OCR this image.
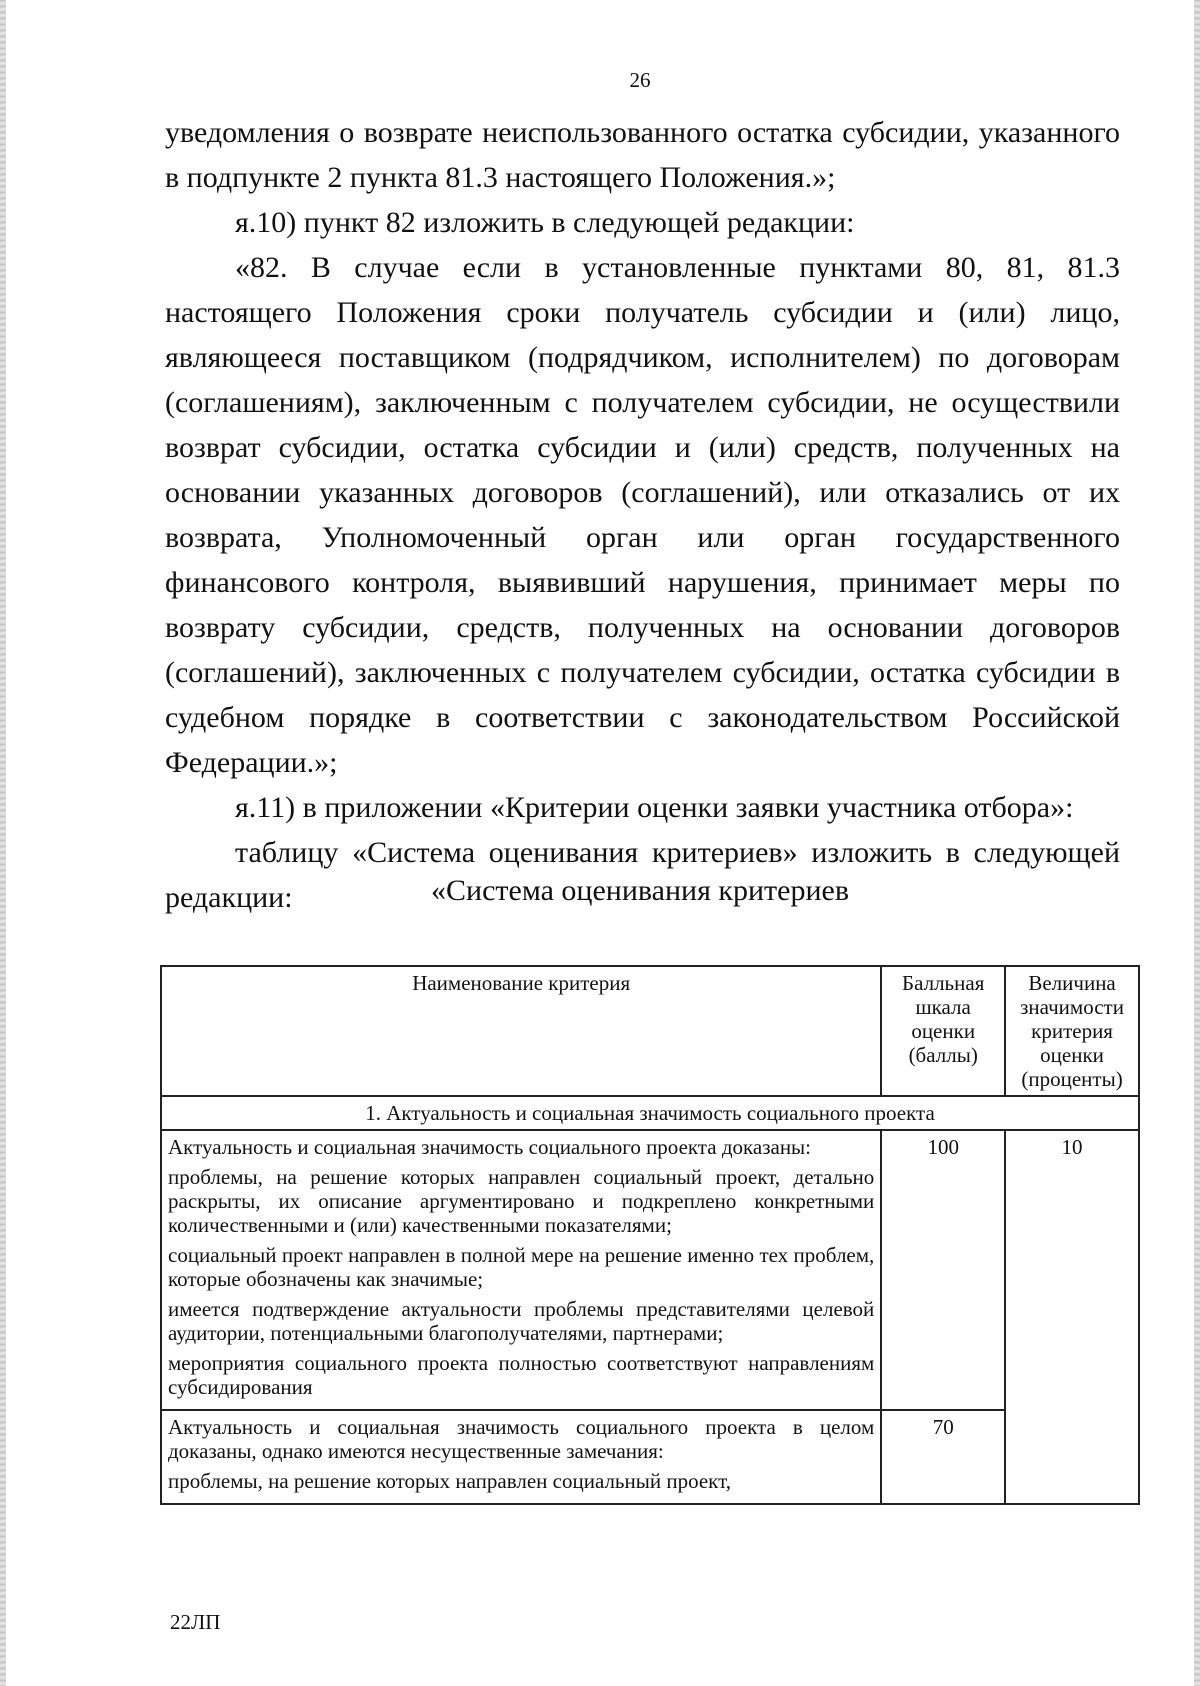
26

уведомления о возврате неиспользованного остатка субсидии, указанного в подпункте 2 пункта 81.3 настоящего Положения.»;

я.10) пункт 82 изложить в следующей редакции:

«82. В случае если в установленные пунктами 80, 81, 81.3 настоящего Положения сроки получатель субсидии и (или) лицо, являющееся поставщиком (подрядчиком, исполнителем) по договорам (соглашениям), заключенным с получателем субсидии, не осуществили возврат субсидии, остатка субсидии и (или) средств, полученных на основании указанных договоров (соглашений), или отказались от их возврата, Уполномоченный орган или орган государственного финансового контроля, выявивший нарушения, принимает меры по возврату субсидии, средств, полученных на основании договоров (соглашений), заключенных с получателем субсидии, остатка субсидии в судебном порядке в соответствии с законодательством Российской Федерации.»;

я.11) в приложении «Критерии оценки заявки участника отбора»:

таблицу «Система оценивания критериев» изложить в следующей редакции:	«Система оценивания критериев
Наименование критерия	Балльная шкала оценки (баллы)	Величина значимости критерия оценки (проценты)
1. Актуальность и социальная значимость социального проекта		

Актуальность и социальная значимость социального проекта доказаны:

проблемы, на решение которых направлен социальный проект, детально раскрыты, их описание аргументировано и подкреплено конкретными количественными и (или) качественными показателями;

социальный проект направлен в полной мере на решение именно тех проблем, которые обозначены как значимые;

имеется подтверждение актуальности проблемы представителями целевой аудитории, потенциальными благополучателями, партнерами;

мероприятия социального проекта полностью соответствуют направлениям субсидирования	100	10

Актуальность и социальная значимость социального проекта в целом доказаны, однако имеются несущественные замечания:

проблемы, на решение которых направлен социальный проект,	70	
22ЛП
